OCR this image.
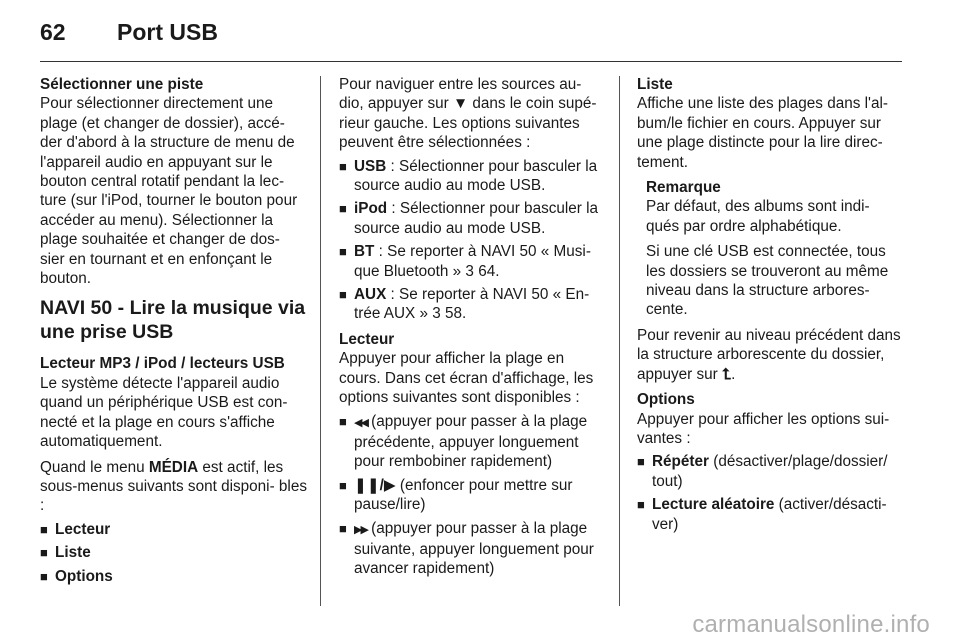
62 Port USB

Sélectionner une piste

Pour sélectionner directement une plage (et changer de dossier), accé- der d'abord à la structure de menu de l'appareil audio en appuyant sur le bouton central rotatif pendant la lec- ture (sur l'iPod, tourner le bouton pour accéder au menu). Sélectionner la plage souhaitée et changer de dos- sier en tournant et en enfonçant le bouton.

NAVI 50 - Lire la musique via une prise USB

Lecteur MP3 / iPod / lecteurs USB

Le système détecte l'appareil audio quand un périphérique USB est con- necté et la plage en cours s'affiche automatiquement.

Quand le menu MÉDIA est actif, les sous-menus suivants sont disponi- bles :

■ Lecteur
■ Liste
■ Options

Pour naviguer entre les sources au- dio, appuyer sur ▼ dans le coin supé- rieur gauche. Les options suivantes peuvent être sélectionnées :

■ USB : Sélectionner pour basculer la source audio au mode USB.
■ iPod : Sélectionner pour basculer la source audio au mode USB.
■ BT : Se reporter à NAVI 50 « Musi- que Bluetooth » 3 64.
■ AUX : Se reporter à NAVI 50 « En- trée AUX » 3 58.

Lecteur

Appuyer pour afficher la plage en cours. Dans cet écran d'affichage, les options suivantes sont disponibles :

■ ◀◀ (appuyer pour passer à la plage précédente, appuyer longuement pour rembobiner rapidement)
■ ❚❚/▶ (enfoncer pour mettre sur pause/lire)
■ ▶▶ (appuyer pour passer à la plage suivante, appuyer longuement pour avancer rapidement)

Liste

Affiche une liste des plages dans l'al- bum/le fichier en cours. Appuyer sur une plage distincte pour la lire direc- tement.

Remarque

Par défaut, des albums sont indi- qués par ordre alphabétique.

Si une clé USB est connectée, tous les dossiers se trouveront au même niveau dans la structure arbores- cente.

Pour revenir au niveau précédent dans la structure arborescente du dossier, appuyer sur ⮤.

Options

Appuyer pour afficher les options sui- vantes :

■ Répéter (désactiver/plage/dossier/ tout)
■ Lecture aléatoire (activer/désacti- ver)
carmanualsonline.info
